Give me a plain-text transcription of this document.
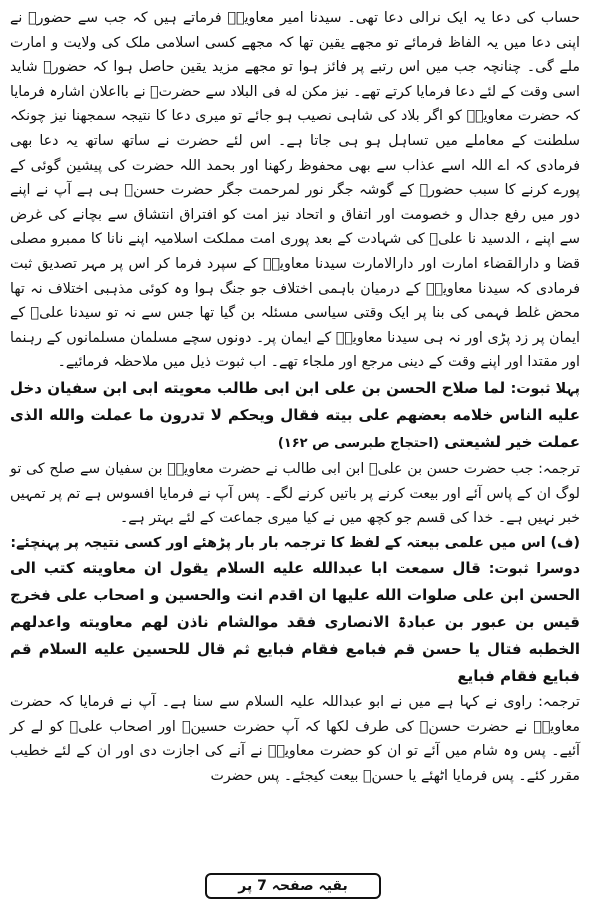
حساب کی دعا یہ ایک نرالی دعا تھی۔ سیدنا امیر معاویہؓ فرماتے ہیں کہ جب سے حضورﷺ نے اپنی دعا میں یہ الفاظ فرمائے تو مجھے یقین تھا کہ مجھے کسی اسلامی ملک کی ولایت و امارت ملے گی۔ چنانچہ جب میں اس رتبے پر فائز ہوا تو مجھے مزید یقین حاصل ہوا کہ حضورﷺ شاید اسی وقت کے لئے دعا فرمایا کرتے تھے۔ نیز مکن له فی البلاد سے حضرتﷺ نے بااعلان اشارہ فرمایا کہ حضرت معاویہؓ کو اگر بلاد کی شاہی نصیب ہو جائے تو میری دعا کا نتیجہ سمجھنا نیز چونکہ سلطنت کے معاملے میں تساہل ہو ہی جاتا ہے۔ اس لئے حضرت نے ساتھ ساتھ یہ دعا بھی فرمادی کہ اے اللہ اسے عذاب سے بھی محفوظ رکھنا اور بحمد اللہ حضرت کی پیشین گوئی کے پورے کرنے کا سبب حضورﷺ کے گوشہ جگر نور لمرحمت جگر حضرت حسنؓ ہی ہے آپ نے اپنے دور میں رفع جدال و خصومت اور اتفاق و اتحاد نیز امت کو افتراق انتشاق سے بچانے کی غرض سے اپنے ، الدسید نا علیؓ کی شہادت کے بعد پوری امت مملکت اسلامیہ اپنے نانا کا ممبرو مصلی قضا و دارالقضاء امارت اور دارالامارت سیدنا معاویہؓ کے سپرد فرما کر اس پر مہر تصدیق ثبت فرمادی کہ سیدنا معاویہؓ کے درمیان باہمی اختلاف جو جنگ ہوا وہ کوئی مذہبی اختلاف نہ تھا محض غلط فہمی کی بنا پر ایک وقتی سیاسی مسئلہ بن گیا تھا جس سے نہ تو سیدنا علیؓ کے ایمان پر زد پڑی اور نہ ہی سیدنا معاویہؓ کے ایمان پر۔ دونوں سچے مسلمان مسلمانوں کے رہنما اور مقتدا اور اپنے وقت کے دینی مرجع اور ملجاء تھے۔ اب ثبوت ذیل میں ملاحظہ فرمائیے۔

پہلا ثبوت: لما صلاح الحسن بن علی ابن ابی طالب معویته ابی ابن سفیان دخل علیه الناس خلامه بعضهم علی بیته فقال ویحکم لا تدرون ما عملت والله الذی عملت خیر لشیعتی (احتجاج طبرسی ص ۱۶۲)

ترجمہ: جب حضرت حسن بن علیؓ ابن ابی طالب نے حضرت معاویہؓ بن سفیان سے صلح کی تو لوگ ان کے پاس آئے اور بیعت کرنے پر باتیں کرنے لگے۔ پس آپ نے فرمایا افسوس ہے تم پر تمہیں خبر نہیں ہے۔ خدا کی قسم جو کچھ میں نے کیا میری جماعت کے لئے بہتر ہے۔

(ف) اس میں علمی بیعتہ کے لفظ کا ترجمہ بار بار پڑھئے اور کسی نتیجہ پر پہنچئے:

دوسرا ثبوت: قال سمعت ابا عبدالله علیه السلام یقول ان معاویته کتب الی الحسن ابن علی صلوات الله علیها ان اقدم انت والحسین و اصحاب علی فخرج قیس بن عبور بن عبادۃ الانصاری فقد موالشام ناذن لهم معاویته واعدلهم الخطبه فتال یا حسن قم فبامع فقام فبایع ثم قال للحسین علیه السلام قم فبایع فقام فبایع

ترجمہ: راوی نے کہا ہے میں نے ابو عبداللہ علیہ السلام سے سنا ہے۔ آپ نے فرمایا کہ حضرت معاویہؓ نے حضرت حسنؓ کی طرف لکھا کہ آپ حضرت حسینؓ اور اصحاب علیؓ کو لے کر آئیے۔ پس وہ شام میں آئے تو ان کو حضرت معاویہؓ نے آنے کی اجازت دی اور ان کے لئے خطیب مقرر کئے۔ پس فرمایا اٹھئے یا حسنؓ بیعت کیجئے۔ پس حضرت

بقیہ صفحہ 7 پر
